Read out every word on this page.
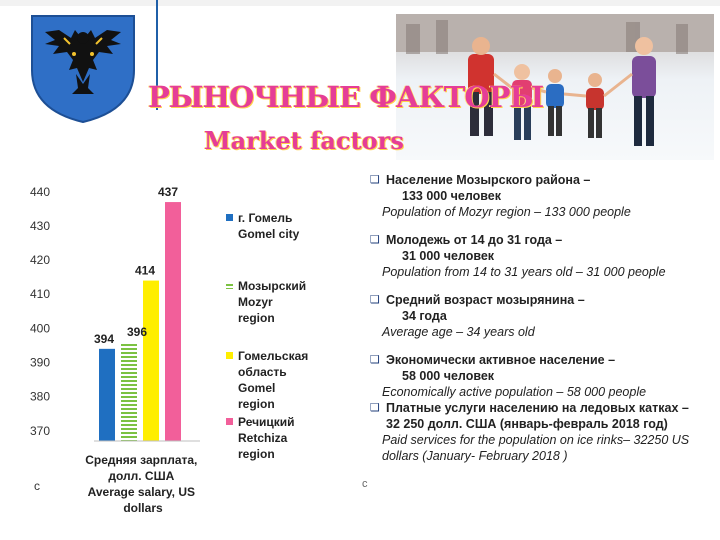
РЫНОЧНЫЕ ФАКТОРЫ
Market factors
370
380
390
400
410
420
430
440
394 396
414
437
Средняя зарплата, долл. США Average salary, US dollars
г. Гомель Gomel city
Мозырский Mozyr region
Гомельская область Gomel region
Речицкий Retchiza region
c
❑ Население Мозырского района –
133 000 человек
Population of Mozyr region – 133 000 people
❑ Молодежь от 14 до 31 года –
31 000 человек
Population from 14 to 31 years old – 31 000 people
❑ Средний возраст мозырянина –
34 года
Average age – 34 years old
❑ Экономически активное население –
58 000 человек
Economically active population – 58 000 people
❑ Платные услуги населению на ледовых катках – 32 250 долл. США (январь-февраль 2018 год)
Paid services for the population on ice rinks– 32250 US dollars (January- February 2018 )
c
